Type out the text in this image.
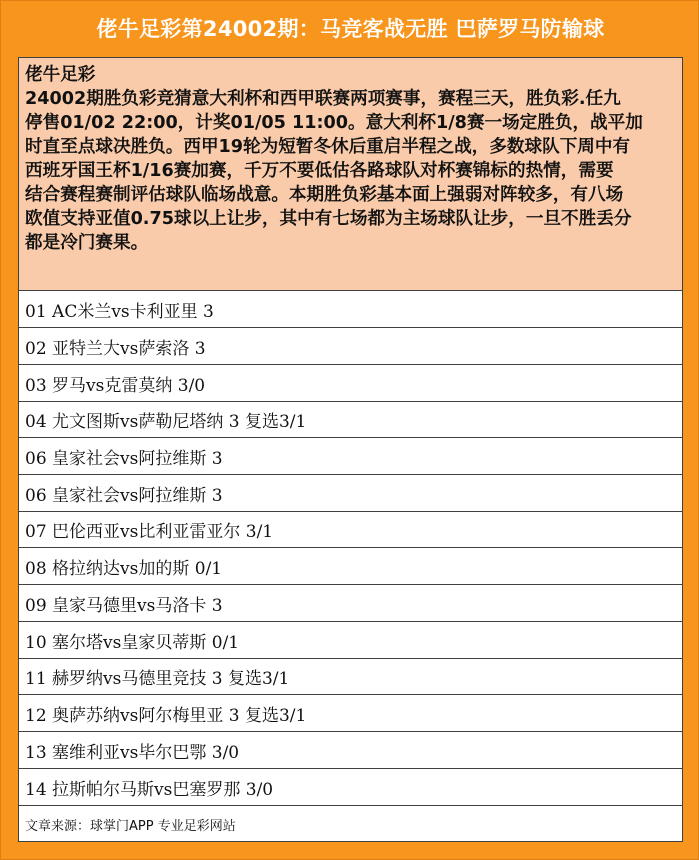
佬牛足彩第24002期：马竞客战无胜 巴萨罗马防输球
佬牛足彩
24002期胜负彩竞猜意大利杯和西甲联赛两项赛事，赛程三天，胜负彩.任九
停售01/02 22:00，计奖01/05 11:00。意大利杯1/8赛一场定胜负，战平加
时直至点球决胜负。西甲19轮为短暂冬休后重启半程之战，多数球队下周中有
西班牙国王杯1/16赛加赛，千万不要低估各路球队对杯赛锦标的热情，需要
结合赛程赛制评估球队临场战意。本期胜负彩基本面上强弱对阵较多，有八场
欧值支持亚值0.75球以上让步，其中有七场都为主场球队让步，一旦不胜丢分
都是冷门赛果。
01 AC米兰vs卡利亚里 3
02 亚特兰大vs萨索洛 3
03 罗马vs克雷莫纳 3/0
04 尤文图斯vs萨勒尼塔纳 3 复选3/1
06 皇家社会vs阿拉维斯 3
06 皇家社会vs阿拉维斯 3
07 巴伦西亚vs比利亚雷亚尔 3/1
08 格拉纳达vs加的斯 0/1
09 皇家马德里vs马洛卡 3
10 塞尔塔vs皇家贝蒂斯 0/1
11 赫罗纳vs马德里竞技 3 复选3/1
12 奥萨苏纳vs阿尔梅里亚 3 复选3/1
13 塞维利亚vs毕尔巴鄂 3/0
14 拉斯帕尔马斯vs巴塞罗那 3/0
文章来源：球掌门APP 专业足彩网站
